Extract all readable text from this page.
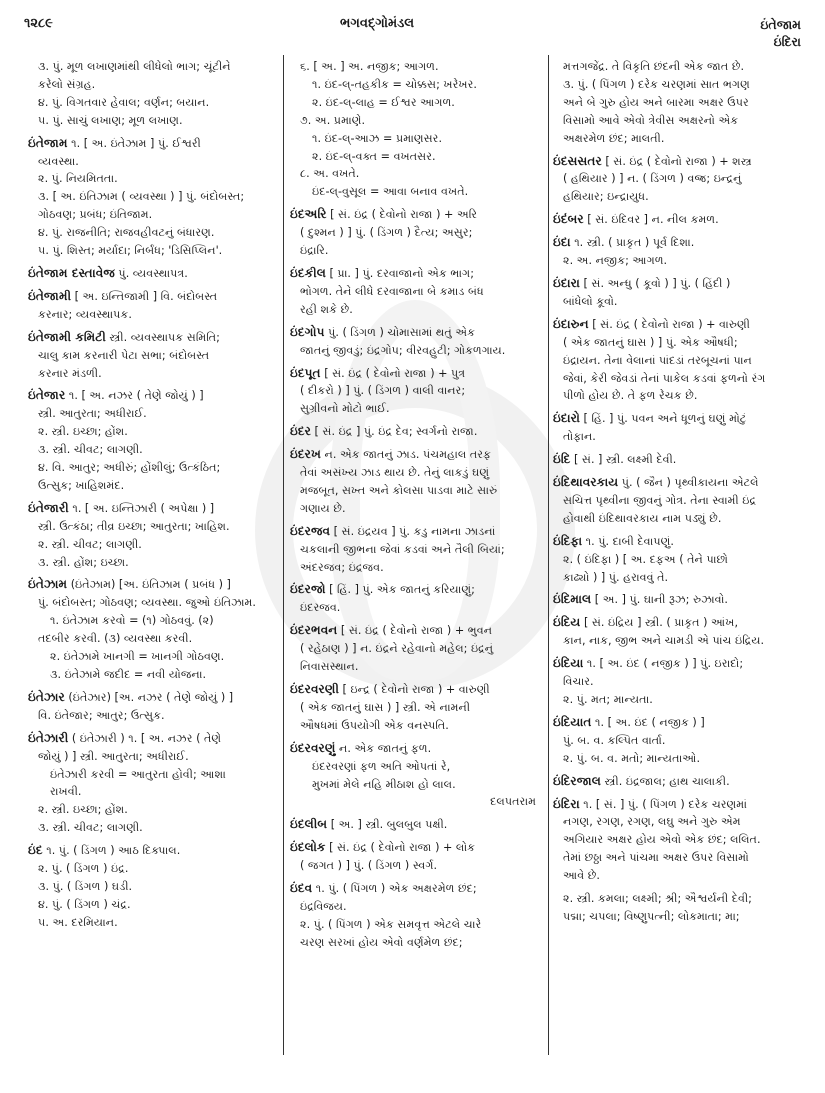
૧૨૮૯	ભગવદ્ગોમંડલ	ઇંતેજામ
ઇંદિરા
૩. પું. મૂળ લખાણમાંથી લીધેલો ભાગ; ચૂંટીને
કરેલો સંગ્રહ.
૪. પું. વિગતવાર હેવાલ; વર્ણન; બયાન.
૫. પું. સાચું લખાણ; મૂળ લખાણ.
ઇંતેજામ ૧. [ અ. ઇંતેઝામ ] પું. ઈશ્વરી
વ્યવસ્થા.
૨. પું. નિયમિતતા.
૩. [ અ. ઇંતિઝામ ( વ્યવસ્થા ) ] પું. બંદોબસ્ત;
ગોઠવણ; પ્રબંધ; ઇંતિજામ.
૪. પું. રાજનીતિ; રાજવહીવટનું બંધારણ.
૫. પું. શિસ્ત; મર્યાદા; નિર્બંધ; 'ડિસિપ્લિન'.
ઇંતેજામ દસ્તાવેજ પું. વ્યવસ્થાપત્ર.
ઇંતેજામી [ અ. ઇન્તિજામી ] વિ. બંદોબસ્ત
કરનાર; વ્યવસ્થાપક.
ઇંતેજામી કમિટી સ્ત્રી. વ્યવસ્થાપક સમિતિ;
ચાલુ કામ કરનારી પેટા સભા; બંદોબસ્ત
કરનાર મંડળી.
ઇંતેજાર ૧. [ અ. નઝર ( તેણે જોયું ) ]
સ્ત્રી. આતુરતા; અધીરાઈ.
૨. સ્ત્રી. ઇચ્છા; હોંશ.
૩. સ્ત્રી. ચીવટ; લાગણી.
૪. વિ. આતુર; અધીરું; હોંશીલું; ઉત્કંઠિત;
ઉત્સુક; ખાહિશમંદ.
ઇંતેજારી ૧. [ અ. ઇન્તિઝારી ( અપેક્ષા ) ]
સ્ત્રી. ઉત્કંઠા; તીવ્ર ઇચ્છા; આતુરતા; ખાહિશ.
૨. સ્ત્રી. ચીવટ; લાગણી.
૩. સ્ત્રી. હોંશ; ઇચ્છા.
ઇંતેઝામ (ઇંતેઝામ) [અ. ઇંતિઝામ ( પ્રબંધ ) ]
પું. બંદોબસ્ત; ગોઠવણ; વ્યવસ્થા. જુઓ ઇંતિઝામ.
૧. ઇંતેઝામ કરવો = (૧) ગોઠવવું. (૨)
તદબીર કરવી. (૩) વ્યવસ્થા કરવી.
૨. ઇંતેઝામે ખાનગી = ખાનગી ગોઠવણ.
૩. ઇંતેઝામે જદીદ = નવી યોજના.
ઇંતેઝાર (ઇંતેઝાર) [અ. નઝર ( તેણે જોયું ) ]
વિ. ઇંતેજાર; આતુર; ઉત્સુક.
ઇંતેઝારી ( ઇંતેઝારી ) ૧. [ અ. નઝર ( તેણે
જોયું ) ] સ્ત્રી. આતુરતા; અધીરાઈ.
ઇંતેઝારી કરવી = આતુરતા હોવી; આશા
રાખવી.
૨. સ્ત્રી. ઇચ્છા; હોંશ.
૩. સ્ત્રી. ચીવટ; લાગણી.
ઇંદ ૧. પું. ( ડિંગળ ) આઠ દિક્પાલ.
૨. પું. ( ડિંગળ ) ઇંદ્ર.
૩. પું. ( ડિંગળ ) ઘડી.
૪. પું. ( ડિંગળ ) ચંદ્ર.
૫. અ. દરમિયાન.
૬. [ અ. ] અ. નજીક; આગળ.
૧. ઇંદ-લ્-તહકીક = ચોક્કસ; ખરેખર.
૨. ઇંદ-લ્-લાહ = ઈશ્વર આગળ.
૭. અ. પ્રમાણે.
૧. ઇંદ-લ્-આઝ = પ્રમાણસર.
૨. ઇંદ-લ્-વક્ત = વખતસર.
૮. અ. વખતે.
ઇંદ-લ્-વુસૂલ = આવા બનાવ વખતે.
ઇંદઅરિ [ સં. ઇંદ્ર ( દેવોનો રાજા ) + અરિ
( દુશ્મન ) ] પું. ( ડિંગળ ) દૈત્ય; અસુર;
ઇંદ્રારિ.
ઇંદકીલ [ પ્રા. ] પું. દરવાજાનો એક ભાગ;
ભોગળ. તેને લીધે દરવાજાના બે કમાડ બંધ
રહી શકે છે.
ઇંદગોપ પું. ( ડિંગળ ) ચોમાસામાં થતું એક
જાતનું જીવડું; ઇંદ્રગોપ; વીરવહુટી; ગોકળગાય.
ઇંદપૂત [ સં. ઇંદ્ર ( દેવોનો રાજા ) + પુત્ર
( દીકરો ) ] પું. ( ડિંગળ ) વાલી વાનર;
સુગ્રીવનો મોટો ભાઈ.
ઇંદર [ સં. ઇંદ્ર ] પું. ઇંદ્ર દેવ; સ્વર્ગનો રાજા.
ઇંદરખ ન. એક જાતનું ઝાડ. પંચમહાલ તરફ
તેવાં અસંખ્ય ઝાડ થાય છે. તેનું લાકડું ઘણું
મજબૂત, સખ્ત અને કોલસા પાડવા માટે સારું
ગણાય છે.
ઇંદરજવ [ સં. ઇંદ્રયવ ] પું. કડુ નામના ઝાડનાં
ચકલાની જીભના જેવાં કડવાં અને તૈલી બિયાં;
અંદરજવ; ઇંદ્રજવ.
ઇંદરજો [ હિં. ] પું. એક જાતનું કરિયાણું;
ઇંદરજવ.
ઇંદરભવન [ સં. ઇંદ્ર ( દેવોનો રાજા ) + ભુવન
( રહેઠાણ ) ] ન. ઇંદ્રને રહેવાનો મહેલ; ઇંદ્રનું
નિવાસસ્થાન.
ઇંદરવરણી [ ઇન્દ્ર ( દેવોનો રાજા ) + વારુણી
( એક જાતનું ઘાસ ) ] સ્ત્રી. એ નામની
ઔષધમાં ઉપયોગી એક વનસ્પતિ.
ઇંદરવરણું ન. એક જાતનું ફળ.
ઇંદરવરણાં ફળ અતિ ઓપતાં રે,
મુખમાં મેલે નહિ મીઠાશ હો લાલ.
દલપતરામ
ઇંદલીબ [ અ. ] સ્ત્રી. બુલબુલ પક્ષી.
ઇંદલોક [ સં. ઇંદ્ર ( દેવોનો રાજા ) + લોક
( જગત ) ] પું. ( ડિંગળ ) સ્વર્ગ.
ઇંદવ ૧. પું. ( પિંગળ ) એક અક્ષરમેળ છંદ;
ઇંદ્રવિજય.
૨. પું. ( પિંગળ ) એક સમવૃત્ત એટલે ચારે
ચરણ સરખાં હોય એવો વર્ણમેળ છંદ;
મત્તગજેંદ્ર. તે વિકૃતિ છંદની એક જાત છે.
૩. પું. ( પિંગળ ) દરેક ચરણમાં સાત ભગણ
અને બે ગુરુ હોય અને બારમા અક્ષર ઉપર
વિસામો આવે એવો ત્રેવીસ અક્ષરનો એક
અક્ષરમેળ છંદ; માલતી.
ઇંદસસતર [ સં. ઇંદ્ર ( દેવોનો રાજા ) + શસ્ત્ર
( હથિયાર ) ] ન. ( ડિંગળ ) વજ્ર; ઇન્દ્રનું
હથિયાર; ઇન્દ્રાયુધ.
ઇંદંબર [ સં. ઇંદિવર ] ન. નીલ કમળ.
ઇંદા ૧. સ્ત્રી. ( પ્રાકૃત ) પૂર્વ દિશા.
૨. અ. નજીક; આગળ.
ઇંદારા [ સં. અન્ધુ ( કૂવો ) ] પું. ( હિંદી )
બાંધેલો કૂવો.
ઇંદારુન [ સં. ઇંદ્ર ( દેવોનો રાજા ) + વારુણી
( એક જાતનું ઘાસ ) ] પું. એક ઔષધી;
ઇંદ્રાયન. તેના વેલાનાં પાંદડાં તરબૂચનાં પાન
જેવાં, કેરી જેવડાં તેનાં પાકેલ કડવાં ફળનો રંગ
પીળો હોય છે. તે ફળ રેચક છે.
ઇંદારો [ હિં. ] પું. પવન અને ધૂળનું ઘણું મોટું
તોફાન.
ઇંદિ [ સં. ] સ્ત્રી. લક્ષ્મી દેવી.
ઇંદિથાવરકાય પું. ( જૈન ) પૃથ્વીકાયના એટલે
સચિત્ત પૃથ્વીના જીવનું ગોત્ર. તેના સ્વામી ઇંદ્ર
હોવાથી ઇંદિથાવરકાય નામ પડ્યું છે.
ઇંદિફા ૧. પું. દાબી દેવાપણું.
૨. ( ઇંદિફા ) [ અ. દફઅ ( તેને પાછો
કાઢ્યો ) ] પું. હરાવવું તે.
ઇંદિમાલ [ અ. ] પું. ઘાની રૂઝ; રુઝાવો.
ઇંદિય [ સં. ઇંદ્રિય ] સ્ત્રી. ( પ્રાકૃત ) આંખ,
કાન, નાક, જીભ અને ચામડી એ પાંચ ઇંદ્રિય.
ઇંદિયા ૧. [ અ. ઇંદ ( નજીક ) ] પું. ઇરાદો;
વિચાર.
૨. પું. મત; માન્યતા.
ઇંદિયાત ૧. [ અ. ઇંદ ( નજીક ) ]
પું. બ. વ. કલ્પિત વાર્તા.
૨. પું. બ. વ. મતો; માન્યતાઓ.
ઇંદિરજાલ સ્ત્રી. ઇંદ્રજાલ; હાથ ચાલાકી.
ઇંદિરા ૧. [ સં. ] પું. ( પિંગળ ) દરેક ચરણમાં
નગણ, રગણ, રગણ, લઘુ અને ગુરુ એમ
અગિયાર અક્ષર હોય એવો એક છંદ; લલિત.
તેમાં છઠ્ઠા અને પાંચમા અક્ષર ઉપર વિસામો
આવે છે.
૨. સ્ત્રી. કમલા; લક્ષ્મી; શ્રી; ઐશ્વર્યની દેવી;
પદ્મા; ચપલા; વિષ્ણુપત્ની; લોકમાતા; મા;
